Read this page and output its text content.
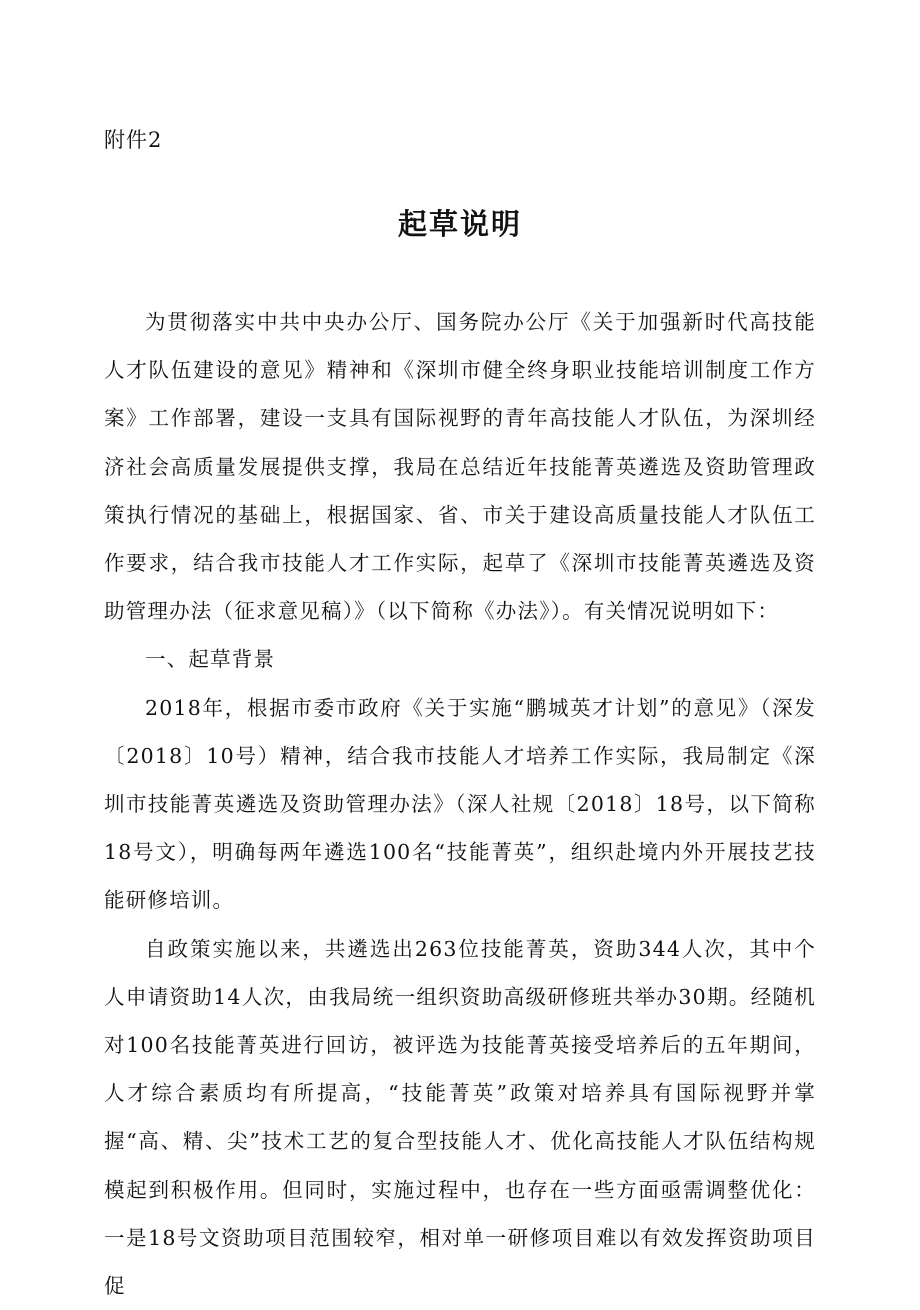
附件2
起草说明

为贯彻落实中共中央办公厅、国务院办公厅《关于加强新时代高技能人才队伍建设的意见》精神和《深圳市健全终身职业技能培训制度工作方案》工作部署，建设一支具有国际视野的青年高技能人才队伍，为深圳经济社会高质量发展提供支撑，我局在总结近年技能菁英遴选及资助管理政策执行情况的基础上，根据国家、省、市关于建设高质量技能人才队伍工作要求，结合我市技能人才工作实际，起草了《深圳市技能菁英遴选及资助管理办法（征求意见稿）》（以下简称《办法》）。有关情况说明如下：

一、起草背景

2018年，根据市委市政府《关于实施“鹏城英才计划”的意见》（深发〔2018〕10号）精神，结合我市技能人才培养工作实际，我局制定《深圳市技能菁英遴选及资助管理办法》（深人社规〔2018〕18号，以下简称18号文），明确每两年遴选100名“技能菁英”，组织赴境内外开展技艺技能研修培训。

自政策实施以来，共遴选出263位技能菁英，资助344人次，其中个人申请资助14人次，由我局统一组织资助高级研修班共举办30期。经随机对100名技能菁英进行回访，被评选为技能菁英接受培养后的五年期间，人才综合素质均有所提高，“技能菁英”政策对培养具有国际视野并掌握“高、精、尖”技术工艺的复合型技能人才、优化高技能人才队伍结构规模起到积极作用。但同时，实施过程中，也存在一些方面亟需调整优化：一是18号文资助项目范围较窄，相对单一研修项目难以有效发挥资助项目促
